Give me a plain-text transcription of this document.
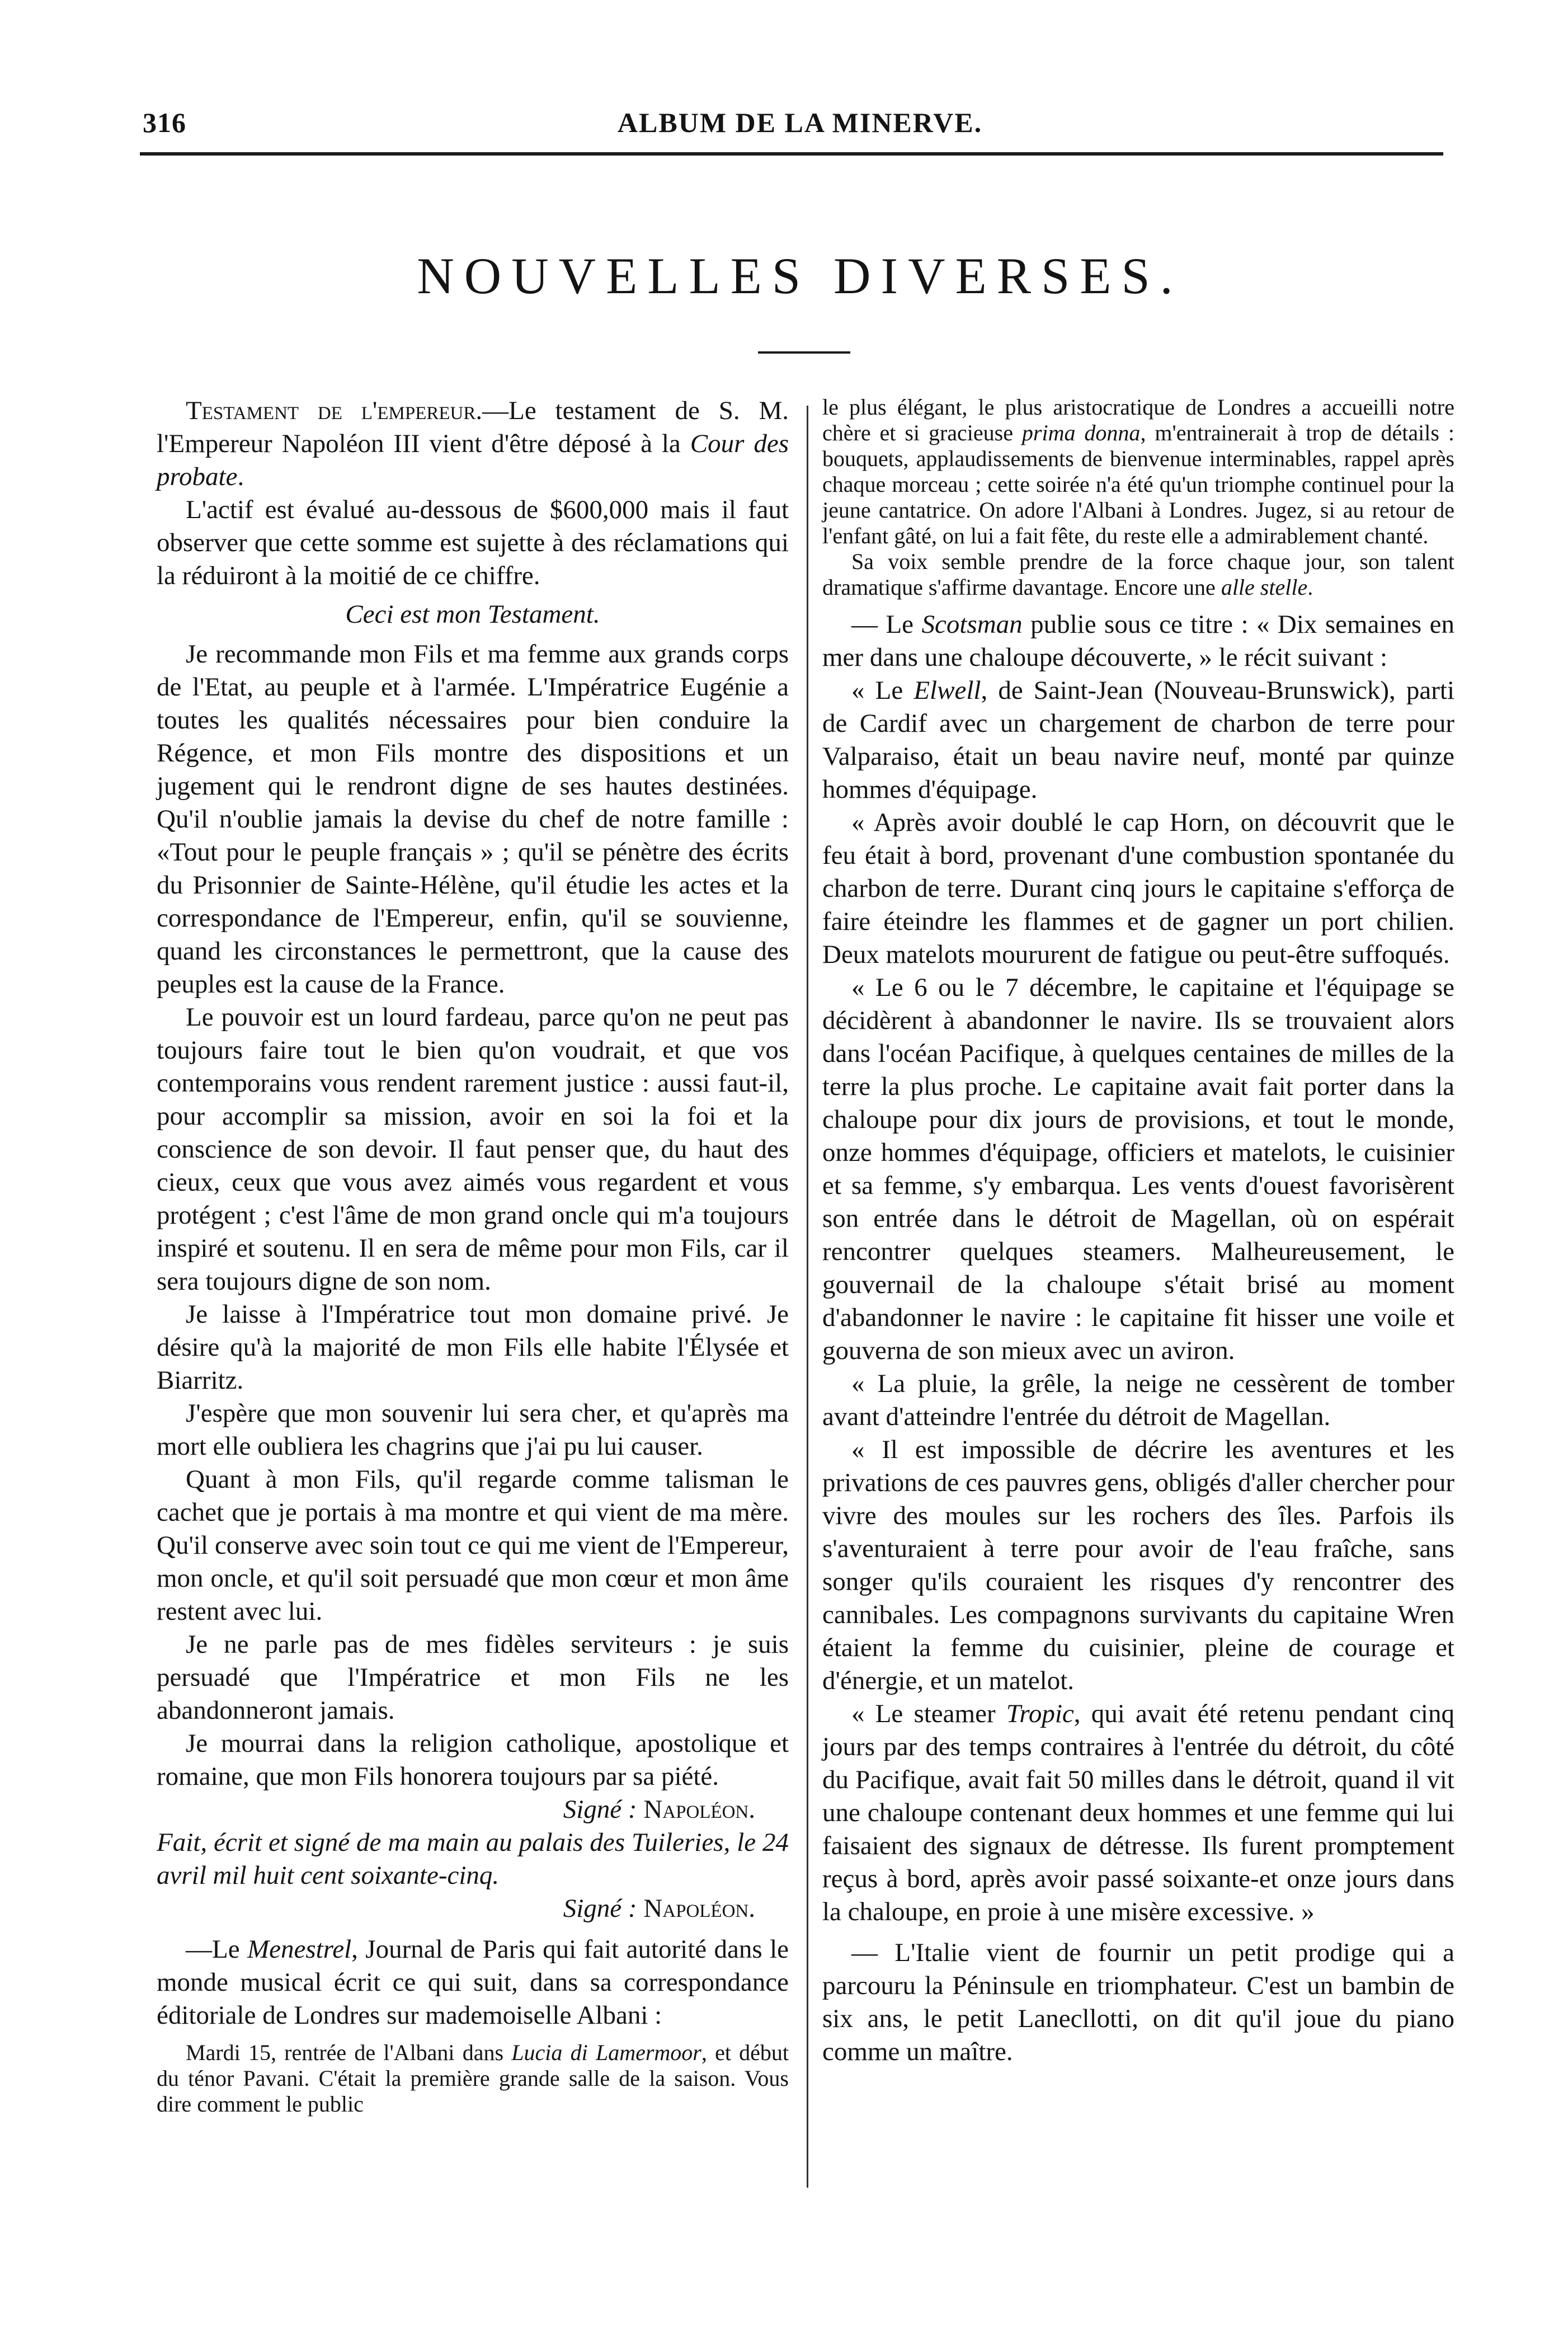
316	ALBUM DE LA MINERVE.
NOUVELLES DIVERSES.

Testament de l'empereur.—Le testament de S. M. l'Empereur Napoléon III vient d'être déposé à la Cour des probate.

L'actif est évalué au-dessous de $600,000 mais il faut observer que cette somme est sujette à des réclamations qui la réduiront à la moitié de ce chiffre.

Ceci est mon Testament.

Je recommande mon Fils et ma femme aux grands corps de l'Etat, au peuple et à l'armée. L'Impératrice Eugénie a toutes les qualités nécessaires pour bien conduire la Régence, et mon Fils montre des dispositions et un jugement qui le rendront digne de ses hautes destinées. Qu'il n'oublie jamais la devise du chef de notre famille : «Tout pour le peuple français » ; qu'il se pénètre des écrits du Prisonnier de Sainte-Hélène, qu'il étudie les actes et la correspondance de l'Empereur, enfin, qu'il se souvienne, quand les circonstances le permettront, que la cause des peuples est la cause de la France.

Le pouvoir est un lourd fardeau, parce qu'on ne peut pas toujours faire tout le bien qu'on voudrait, et que vos contemporains vous rendent rarement justice : aussi faut-il, pour accomplir sa mission, avoir en soi la foi et la conscience de son devoir. Il faut penser que, du haut des cieux, ceux que vous avez aimés vous regardent et vous protégent ; c'est l'âme de mon grand oncle qui m'a toujours inspiré et soutenu. Il en sera de même pour mon Fils, car il sera toujours digne de son nom.

Je laisse à l'Impératrice tout mon domaine privé. Je désire qu'à la majorité de mon Fils elle habite l'Élysée et Biarritz.

J'espère que mon souvenir lui sera cher, et qu'après ma mort elle oubliera les chagrins que j'ai pu lui causer.

Quant à mon Fils, qu'il regarde comme talisman le cachet que je portais à ma montre et qui vient de ma mère. Qu'il conserve avec soin tout ce qui me vient de l'Empereur, mon oncle, et qu'il soit persuadé que mon cœur et mon âme restent avec lui.

Je ne parle pas de mes fidèles serviteurs : je suis persuadé que l'Impératrice et mon Fils ne les abandonneront jamais.

Je mourrai dans la religion catholique, apostolique et romaine, que mon Fils honorera toujours par sa piété.

Signé : Napoléon.

Fait, écrit et signé de ma main au palais des Tuileries, le 24 avril mil huit cent soixante-cinq.

Signé : Napoléon.

—Le Menestrel, Journal de Paris qui fait autorité dans le monde musical écrit ce qui suit, dans sa correspondance éditoriale de Londres sur mademoiselle Albani :

Mardi 15, rentrée de l'Albani dans Lucia di Lamermoor, et début du ténor Pavani. C'était la première grande salle de la saison. Vous dire comment le public

le plus élégant, le plus aristocratique de Londres a accueilli notre chère et si gracieuse prima donna, m'entrainerait à trop de détails : bouquets, applaudissements de bienvenue interminables, rappel après chaque morceau ; cette soirée n'a été qu'un triomphe continuel pour la jeune cantatrice. On adore l'Albani à Londres. Jugez, si au retour de l'enfant gâté, on lui a fait fête, du reste elle a admirablement chanté.

Sa voix semble prendre de la force chaque jour, son talent dramatique s'affirme davantage. Encore une alle stelle.

— Le Scotsman publie sous ce titre : « Dix semaines en mer dans une chaloupe découverte, » le récit suivant :

« Le Elwell, de Saint-Jean (Nouveau-Brunswick), parti de Cardif avec un chargement de charbon de terre pour Valparaiso, était un beau navire neuf, monté par quinze hommes d'équipage.

« Après avoir doublé le cap Horn, on découvrit que le feu était à bord, provenant d'une combustion spontanée du charbon de terre. Durant cinq jours le capitaine s'efforça de faire éteindre les flammes et de gagner un port chilien. Deux matelots moururent de fatigue ou peut-être suffoqués.

« Le 6 ou le 7 décembre, le capitaine et l'équipage se décidèrent à abandonner le navire. Ils se trouvaient alors dans l'océan Pacifique, à quelques centaines de milles de la terre la plus proche. Le capitaine avait fait porter dans la chaloupe pour dix jours de provisions, et tout le monde, onze hommes d'équipage, officiers et matelots, le cuisinier et sa femme, s'y embarqua. Les vents d'ouest favorisèrent son entrée dans le détroit de Magellan, où on espérait rencontrer quelques steamers. Malheureusement, le gouvernail de la chaloupe s'était brisé au moment d'abandonner le navire : le capitaine fit hisser une voile et gouverna de son mieux avec un aviron.

« La pluie, la grêle, la neige ne cessèrent de tomber avant d'atteindre l'entrée du détroit de Magellan.

« Il est impossible de décrire les aventures et les privations de ces pauvres gens, obligés d'aller chercher pour vivre des moules sur les rochers des îles. Parfois ils s'aventuraient à terre pour avoir de l'eau fraîche, sans songer qu'ils couraient les risques d'y rencontrer des cannibales. Les compagnons survivants du capitaine Wren étaient la femme du cuisinier, pleine de courage et d'énergie, et un matelot.

« Le steamer Tropic, qui avait été retenu pendant cinq jours par des temps contraires à l'entrée du détroit, du côté du Pacifique, avait fait 50 milles dans le détroit, quand il vit une chaloupe contenant deux hommes et une femme qui lui faisaient des signaux de détresse. Ils furent promptement reçus à bord, après avoir passé soixante-et onze jours dans la chaloupe, en proie à une misère excessive. »

— L'Italie vient de fournir un petit prodige qui a parcouru la Péninsule en triomphateur. C'est un bambin de six ans, le petit Lanecllotti, on dit qu'il joue du piano comme un maître.
